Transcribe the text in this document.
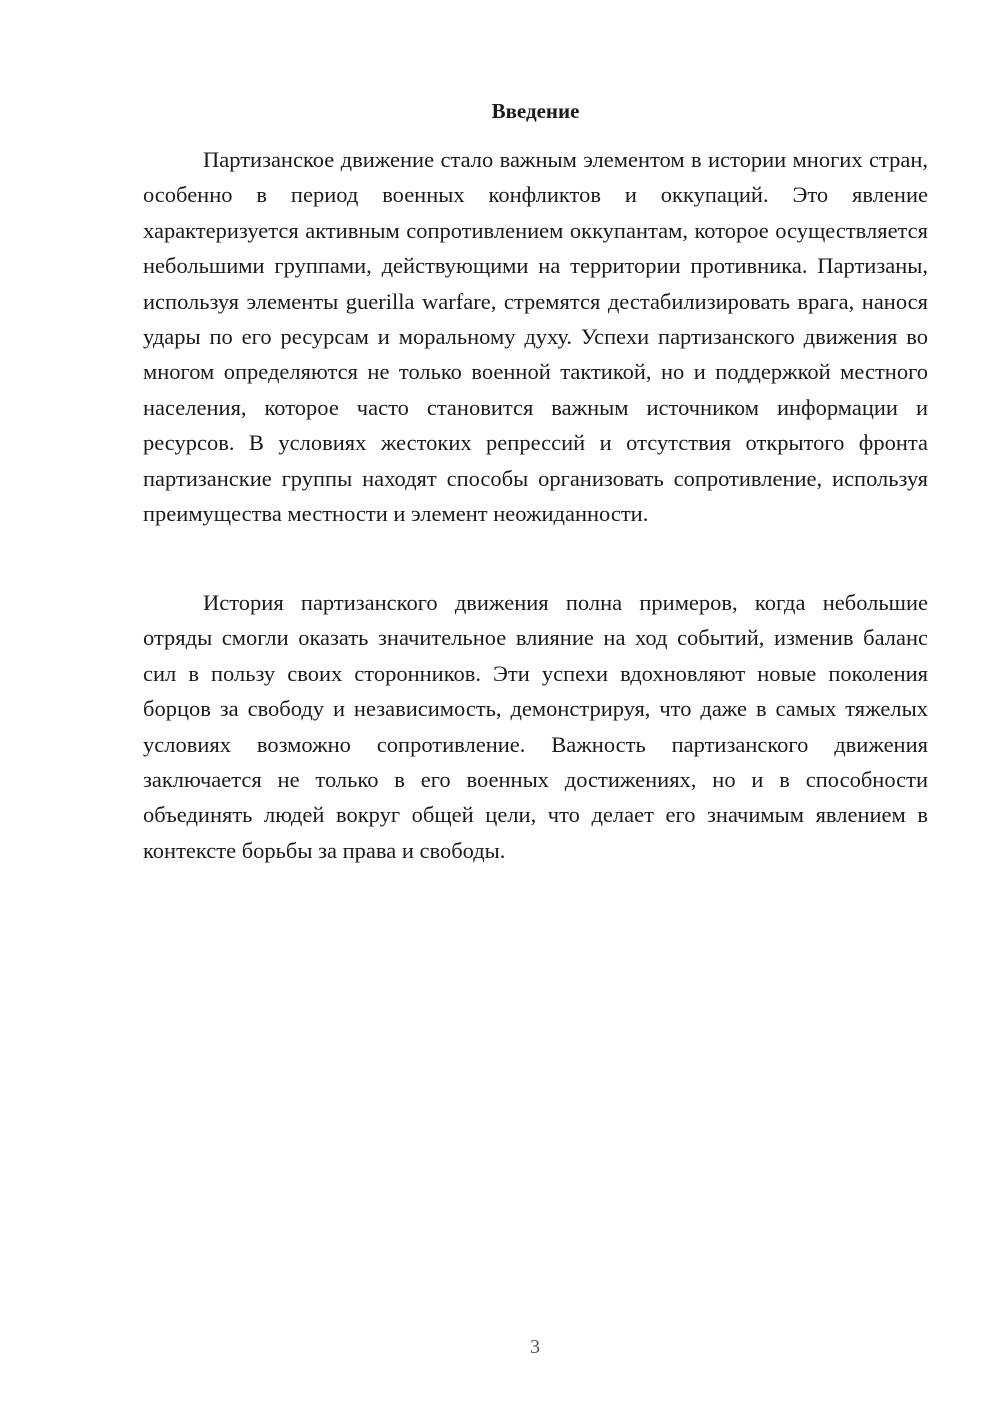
Введение

Партизанское движение стало важным элементом в истории многих стран, особенно в период военных конфликтов и оккупаций. Это явление характеризуется активным сопротивлением оккупантам, которое осуществляется небольшими группами, действующими на территории противника. Партизаны, используя элементы guerilla warfare, стремятся дестабилизировать врага, нанося удары по его ресурсам и моральному духу. Успехи партизанского движения во многом определяются не только военной тактикой, но и поддержкой местного населения, которое часто становится важным источником информации и ресурсов. В условиях жестоких репрессий и отсутствия открытого фронта партизанские группы находят способы организовать сопротивление, используя преимущества местности и элемент неожиданности.

История партизанского движения полна примеров, когда небольшие отряды смогли оказать значительное влияние на ход событий, изменив баланс сил в пользу своих сторонников. Эти успехи вдохновляют новые поколения борцов за свободу и независимость, демонстрируя, что даже в самых тяжелых условиях возможно сопротивление. Важность партизанского движения заключается не только в его военных достижениях, но и в способности объединять людей вокруг общей цели, что делает его значимым явлением в контексте борьбы за права и свободы.

3
